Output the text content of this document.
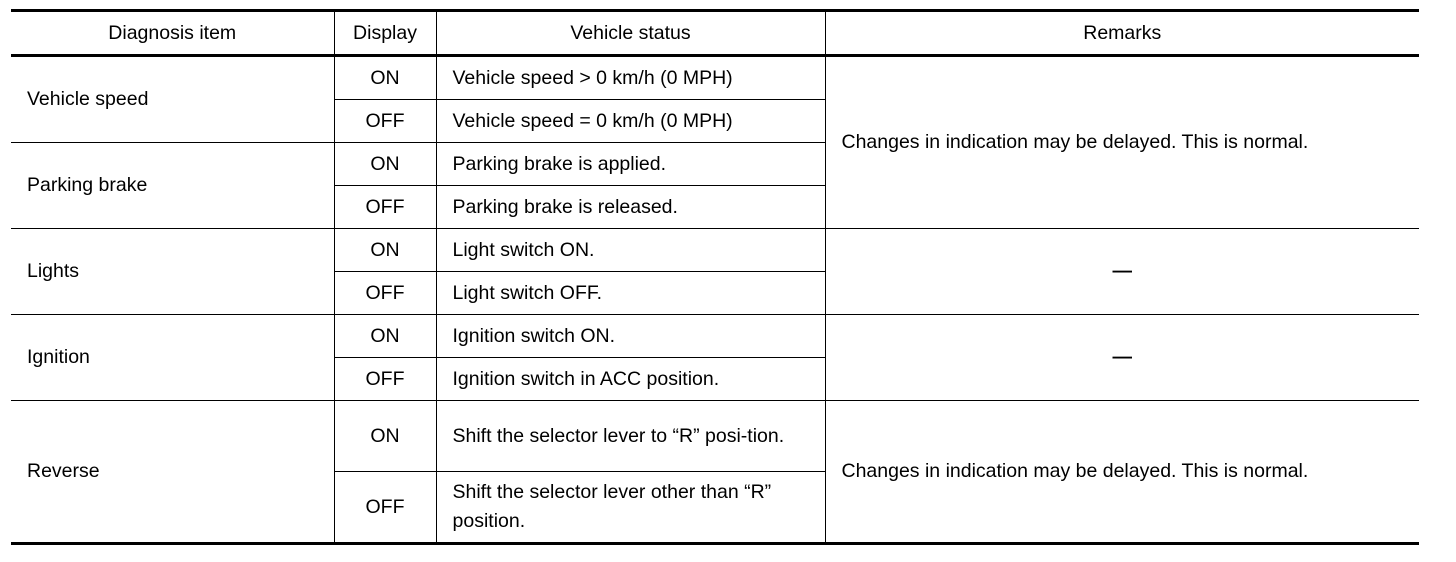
Diagnosis item	Display	Vehicle status	Remarks
Vehicle speed	ON	Vehicle speed > 0 km/h (0 MPH)	Changes in indication may be delayed. This is normal.
	OFF	Vehicle speed = 0 km/h (0 MPH)	
Parking brake	ON	Parking brake is applied.	
	OFF	Parking brake is released.	
Lights	ON	Light switch ON.	—
	OFF	Light switch OFF.	
Ignition	ON	Ignition switch ON.	—
	OFF	Ignition switch in ACC position.	
Reverse	ON	Shift the selector lever to “R” posi-tion.	Changes in indication may be delayed. This is normal.
	OFF	Shift the selector lever other than “R” position.	
